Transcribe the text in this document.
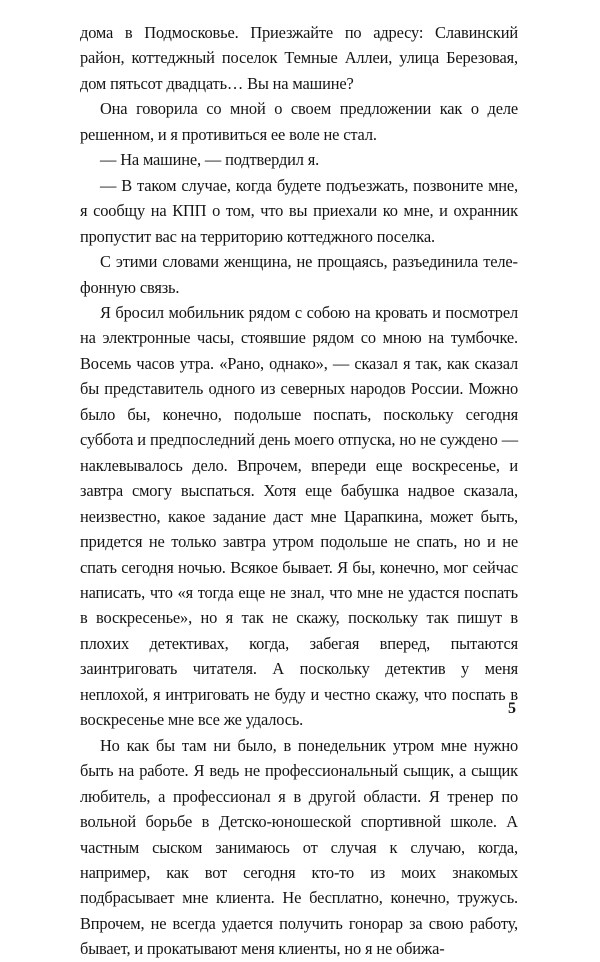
дома в Подмосковье. Приезжайте по адресу: Славинский район, коттеджный поселок Темные Аллеи, улица Березовая, дом пятьсот двадцать… Вы на машине?

Она говорила со мной о своем предложении как о деле решенном, и я противиться ее воле не стал.

— На машине, — подтвердил я.

— В таком случае, когда будете подъезжать, позвоните мне, я сообщу на КПП о том, что вы приехали ко мне, и охранник пропустит вас на территорию коттеджного поселка.

С этими словами женщина, не прощаясь, разъединила телефонную связь.

Я бросил мобильник рядом с собою на кровать и посмотрел на электронные часы, стоявшие рядом со мною на тумбочке. Восемь часов утра. «Рано, однако», — сказал я так, как сказал бы представитель одного из северных народов России. Можно было бы, конечно, подольше поспать, поскольку сегодня суббота и предпоследний день моего отпуска, но не суждено — наклевывалось дело. Впрочем, впереди еще воскресенье, и завтра смогу выспаться. Хотя еще бабушка надвое сказала, неизвестно, какое задание даст мне Царапкина, может быть, придется не только завтра утром подольше не спать, но и не спать сегодня ночью. Всякое бывает. Я бы, конечно, мог сейчас написать, что «я тогда еще не знал, что мне не удастся поспать в воскресенье», но я так не скажу, поскольку так пишут в плохих детективах, когда, забегая вперед, пытаются заинтриговать читателя. А поскольку детектив у меня неплохой, я интриговать не буду и честно скажу, что поспать в воскресенье мне все же удалось.

Но как бы там ни было, в понедельник утром мне нужно быть на работе. Я ведь не профессиональный сыщик, а сыщик любитель, а профессионал я в другой области. Я тренер по вольной борьбе в Детско-юношеской спортивной школе. А частным сыском занимаюсь от случая к случаю, когда, например, как вот сегодня кто-то из моих знакомых подбрасывает мне клиента. Не бесплатно, конечно, тружусь. Впрочем, не всегда удается получить гонорар за свою работу, бывает, и прокатывают меня клиенты, но я не обижа-

5
